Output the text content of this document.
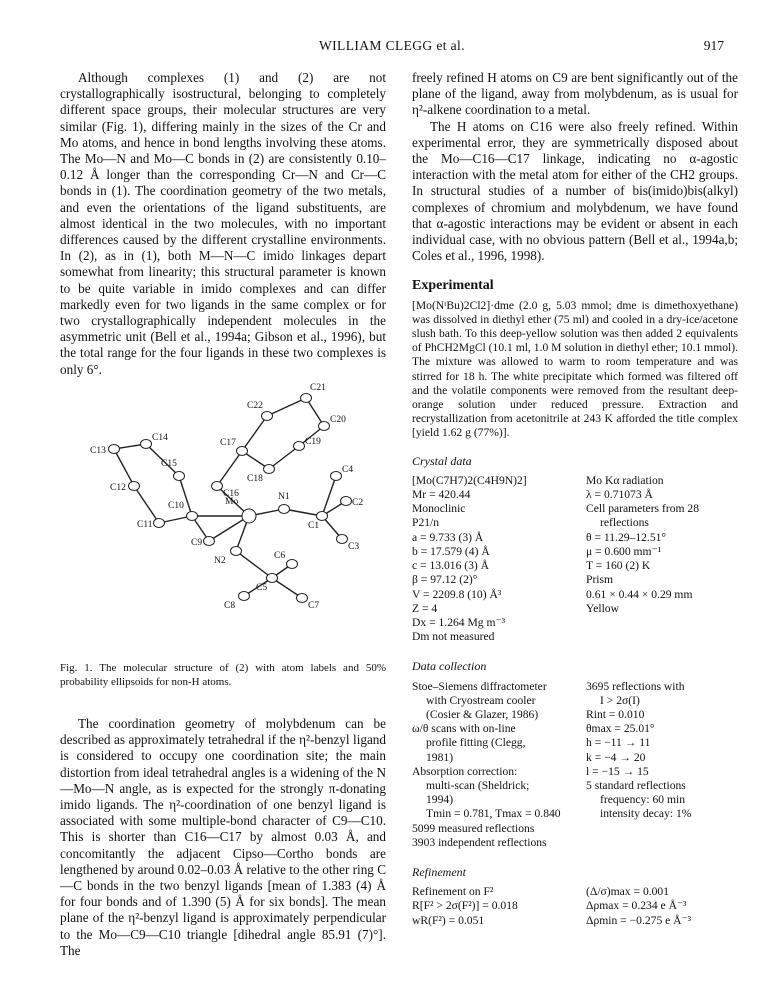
WILLIAM CLEGG et al.	917

Although complexes (1) and (2) are not crystallographically isostructural, belonging to completely different space groups, their molecular structures are very similar (Fig. 1), differing mainly in the sizes of the Cr and Mo atoms, and hence in bond lengths involving these atoms. The Mo—N and Mo—C bonds in (2) are consistently 0.10–0.12 Å longer than the corresponding Cr—N and Cr—C bonds in (1). The coordination geometry of the two metals, and even the orientations of the ligand substituents, are almost identical in the two molecules, with no important differences caused by the different crystalline environments. In (2), as in (1), both M—N—C imido linkages depart somewhat from linearity; this structural parameter is known to be quite variable in imido complexes and can differ markedly even for two ligands in the same complex or for two crystallographically independent molecules in the asymmetric unit (Bell et al., 1994a; Gibson et al., 1996), but the total range for the four ligands in these two complexes is only 6°.

C21
C22
C20
C13
C14	C17	C19
C15
C18
C4
C12
C16	N1
C2
C10	Mo
C11	C1
C6
C9
N2
C3
C5
C8	C7
Fig. 1. The molecular structure of (2) with atom labels and 50% probability ellipsoids for non-H atoms.

The coordination geometry of molybdenum can be described as approximately tetrahedral if the η²-benzyl ligand is considered to occupy one coordination site; the main distortion from ideal tetrahedral angles is a widening of the N—Mo—N angle, as is expected for the strongly π-donating imido ligands. The η²-coordination of one benzyl ligand is associated with some multiple-bond character of C9—C10. This is shorter than C16—C17 by almost 0.03 Å, and concomitantly the adjacent Cipso—Cortho bonds are lengthened by around 0.02–0.03 Å relative to the other ring C—C bonds in the two benzyl ligands [mean of 1.383 (4) Å for four bonds and of 1.390 (5) Å for six bonds]. The mean plane of the η²-benzyl ligand is approximately perpendicular to the Mo—C9—C10 triangle [dihedral angle 85.91 (7)°]. The

freely refined H atoms on C9 are bent significantly out of the plane of the ligand, away from molybdenum, as is usual for η²-alkene coordination to a metal.

The H atoms on C16 were also freely refined. Within experimental error, they are symmetrically disposed about the Mo—C16—C17 linkage, indicating no α-agostic interaction with the metal atom for either of the CH2 groups. In structural studies of a number of bis(imido)bis(alkyl) complexes of chromium and molybdenum, we have found that α-agostic interactions may be evident or absent in each individual case, with no obvious pattern (Bell et al., 1994a,b; Coles et al., 1996, 1998).

Experimental
[Mo(NᵗBu)2Cl2]·dme (2.0 g, 5.03 mmol; dme is dimethoxyethane) was dissolved in diethyl ether (75 ml) and cooled in a dry-ice/acetone slush bath. To this deep-yellow solution was then added 2 equivalents of PhCH2MgCl (10.1 ml, 1.0 M solution in diethyl ether; 10.1 mmol). The mixture was allowed to warm to room temperature and was stirred for 18 h. The white precipitate which formed was filtered off and the volatile components were removed from the resultant deep-orange solution under reduced pressure. Extraction and recrystallization from acetonitrile at 243 K afforded the title complex [yield 1.62 g (77%)].
Crystal data
[Mo(C7H7)2(C4H9N)2]
Mr = 420.44
Monoclinic
P21/n
a = 9.733 (3) Å
b = 17.579 (4) Å
c = 13.016 (3) Å
β = 97.12 (2)°
V = 2209.8 (10) Å³
Z = 4
Dx = 1.264 Mg m⁻³
Dm not measured
Mo Kα radiation
λ = 0.71073 Å
Cell parameters from 28
reflections
θ = 11.29–12.51°
μ = 0.600 mm⁻¹
T = 160 (2) K
Prism
0.61 × 0.44 × 0.29 mm
Yellow
Data collection
Stoe–Siemens diffractometer
with Cryostream cooler
(Cosier & Glazer, 1986)
ω/θ scans with on-line
profile fitting (Clegg,
1981)
Absorption correction:
multi-scan (Sheldrick;
1994)
Tmin = 0.781, Tmax = 0.840
5099 measured reflections
3903 independent reflections
3695 reflections with
I > 2σ(I)
Rint = 0.010
θmax = 25.01°
h = −11 → 11
k = −4 → 20
l = −15 → 15
5 standard reflections
frequency: 60 min
intensity decay: 1%
Refinement
Refinement on F²
R[F² > 2σ(F²)] = 0.018
wR(F²) = 0.051
(Δ/σ)max = 0.001
Δρmax = 0.234 e Å⁻³
Δρmin = −0.275 e Å⁻³
